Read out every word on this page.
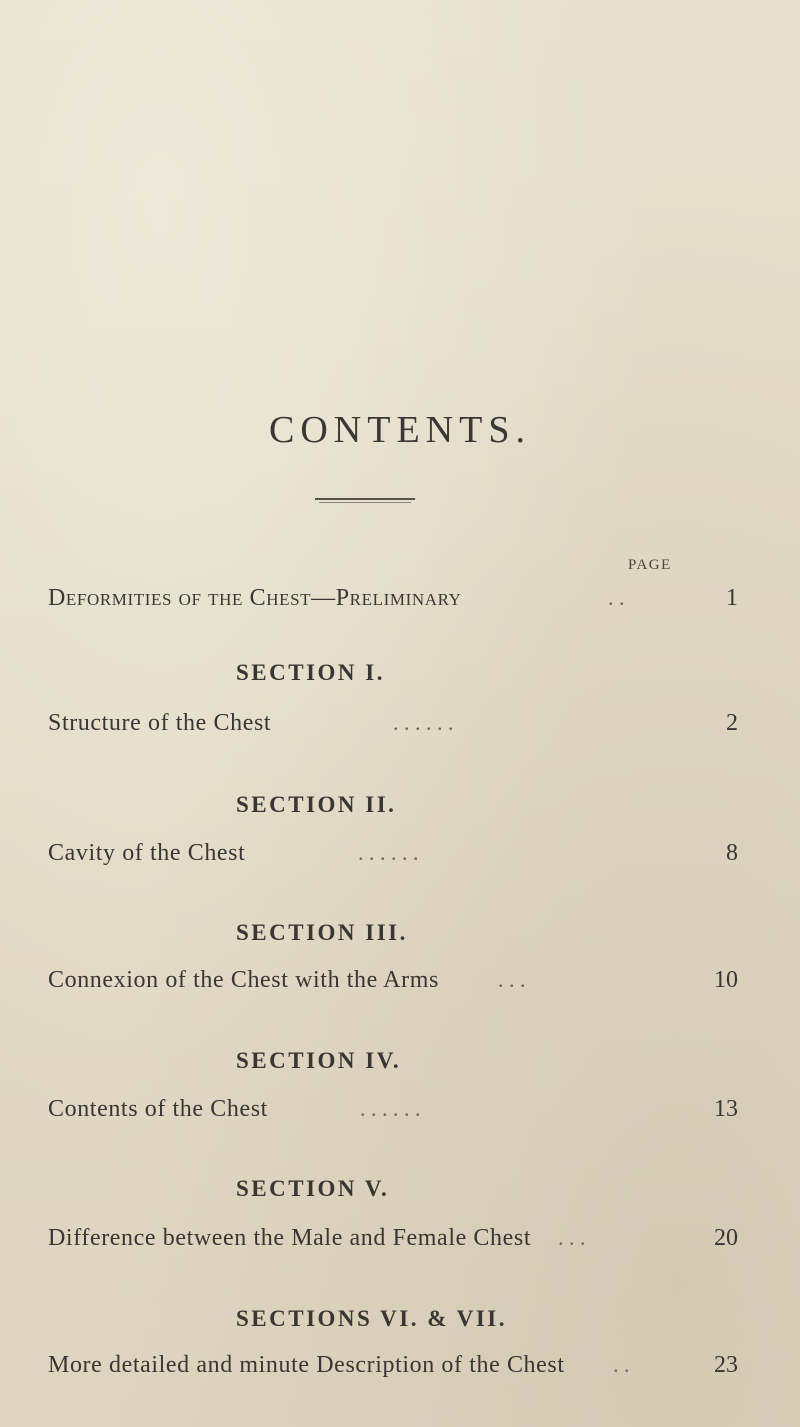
CONTENTS.
PAGE
Deformities of the Chest—Preliminary	. .	1
SECTION I.
Structure of the Chest	. . . . . .	2
SECTION II.
Cavity of the Chest	. . . . . .	8
SECTION III.
Connexion of the Chest with the Arms	. . .	10
SECTION IV.
Contents of the Chest	. . . . . .	13
SECTION V.
Difference between the Male and Female Chest . . .	20
SECTIONS VI. & VII.
More detailed and minute Description of the Chest . .	23
